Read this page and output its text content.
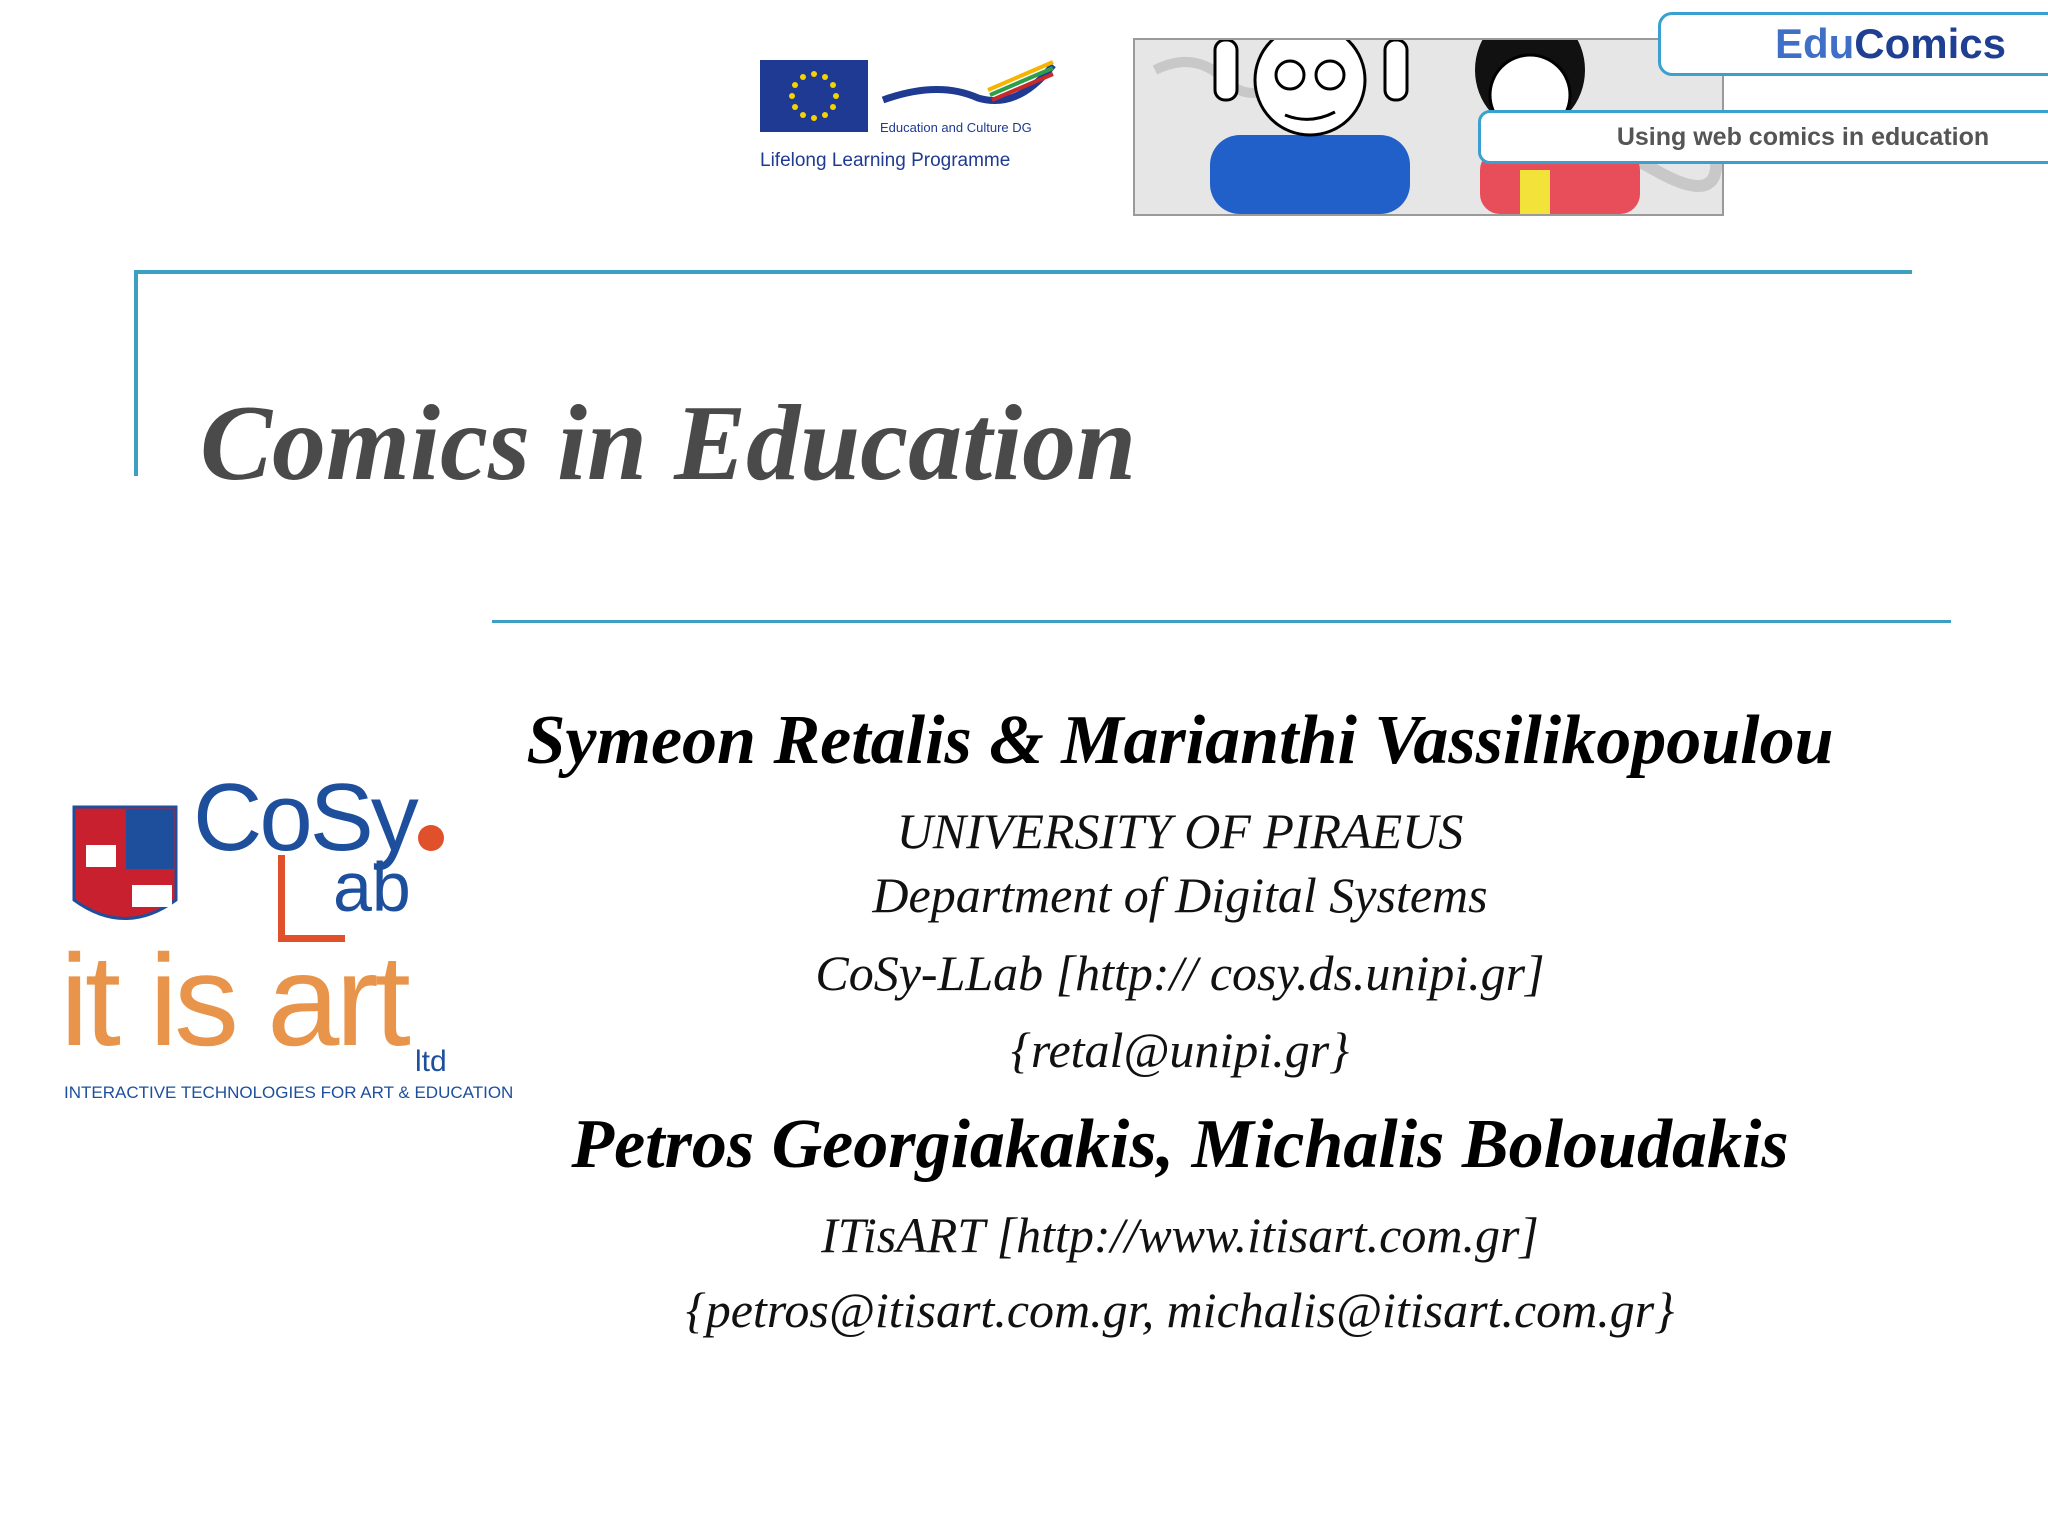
Education and Culture DG
Lifelong Learning Programme
EduComics
Using web comics in education
Comics in Education
Symeon Retalis & Marianthi Vassilikopoulou
UNIVERSITY OF PIRAEUS
Department of Digital Systems
CoSy-LLab [http:// cosy.ds.unipi.gr]
{retal@unipi.gr}
Petros Georgiakakis, Michalis Boloudakis
ITisART [http://www.itisart.com.gr]
{petros@itisart.com.gr, michalis@itisart.com.gr}
CoSy
ab
it is art ltd
INTERACTIVE TECHNOLOGIES FOR ART & EDUCATION
